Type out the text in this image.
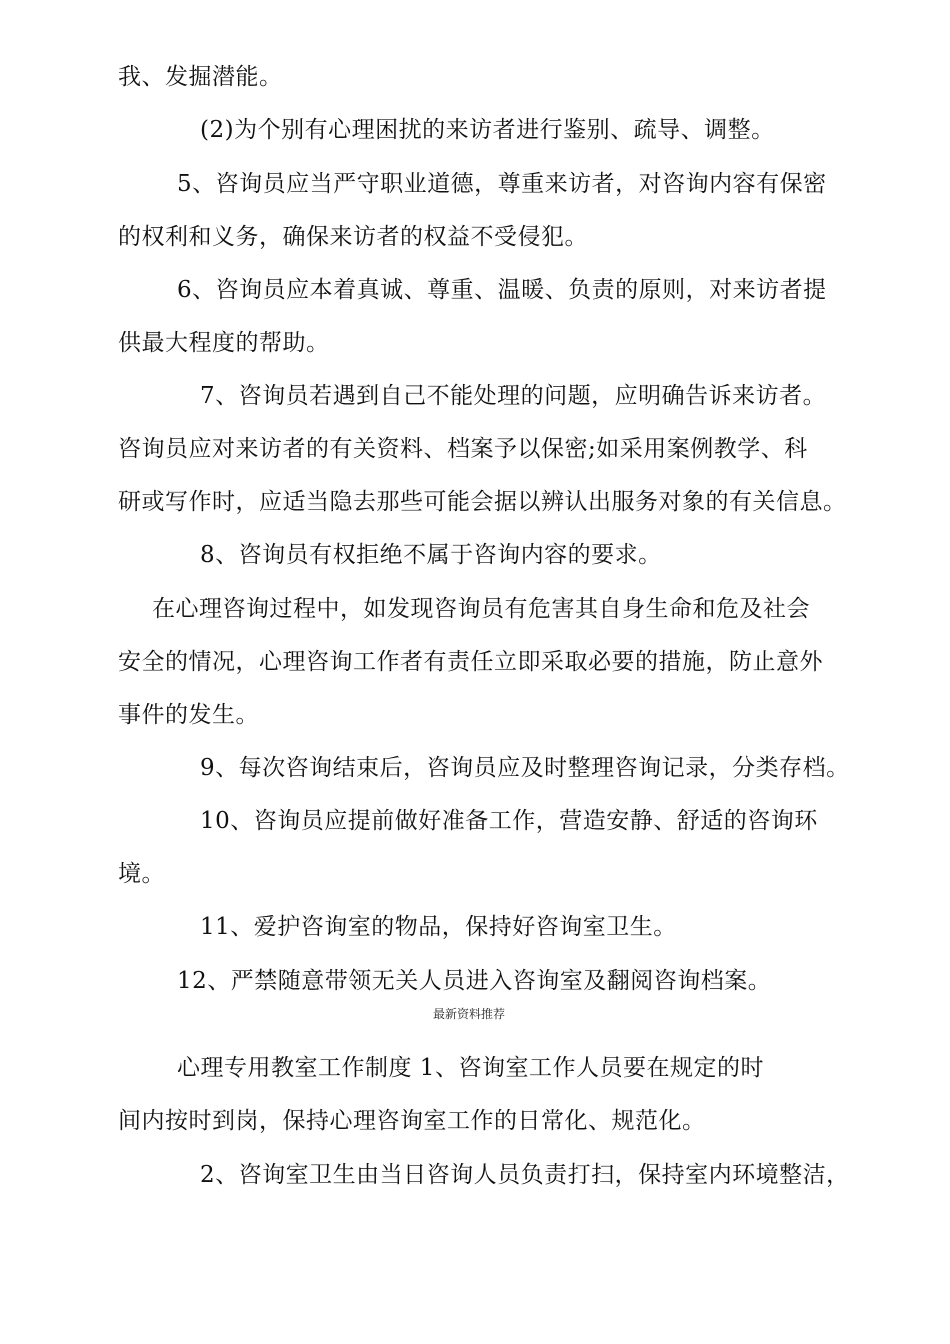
我、发掘潜能。
(2)为个别有心理困扰的来访者进行鉴别、疏导、调整。
5、咨询员应当严守职业道德，尊重来访者，对咨询内容有保密
的权利和义务，确保来访者的权益不受侵犯。
6、咨询员应本着真诚、尊重、温暖、负责的原则，对来访者提
供最大程度的帮助。
7、咨询员若遇到自己不能处理的问题，应明确告诉来访者。
咨询员应对来访者的有关资料、档案予以保密;如采用案例教学、科
研或写作时，应适当隐去那些可能会据以辨认出服务对象的有关信息。
8、咨询员有权拒绝不属于咨询内容的要求。
在心理咨询过程中，如发现咨询员有危害其自身生命和危及社会
安全的情况，心理咨询工作者有责任立即采取必要的措施，防止意外
事件的发生。
9、每次咨询结束后，咨询员应及时整理咨询记录，分类存档。
10、咨询员应提前做好准备工作，营造安静、舒适的咨询环
境。
11、爱护咨询室的物品，保持好咨询室卫生。
12、严禁随意带领无关人员进入咨询室及翻阅咨询档案。
最新资料推荐
心理专用教室工作制度 1、咨询室工作人员要在规定的时
间内按时到岗，保持心理咨询室工作的日常化、规范化。
2、咨询室卫生由当日咨询人员负责打扫，保持室内环境整洁，
